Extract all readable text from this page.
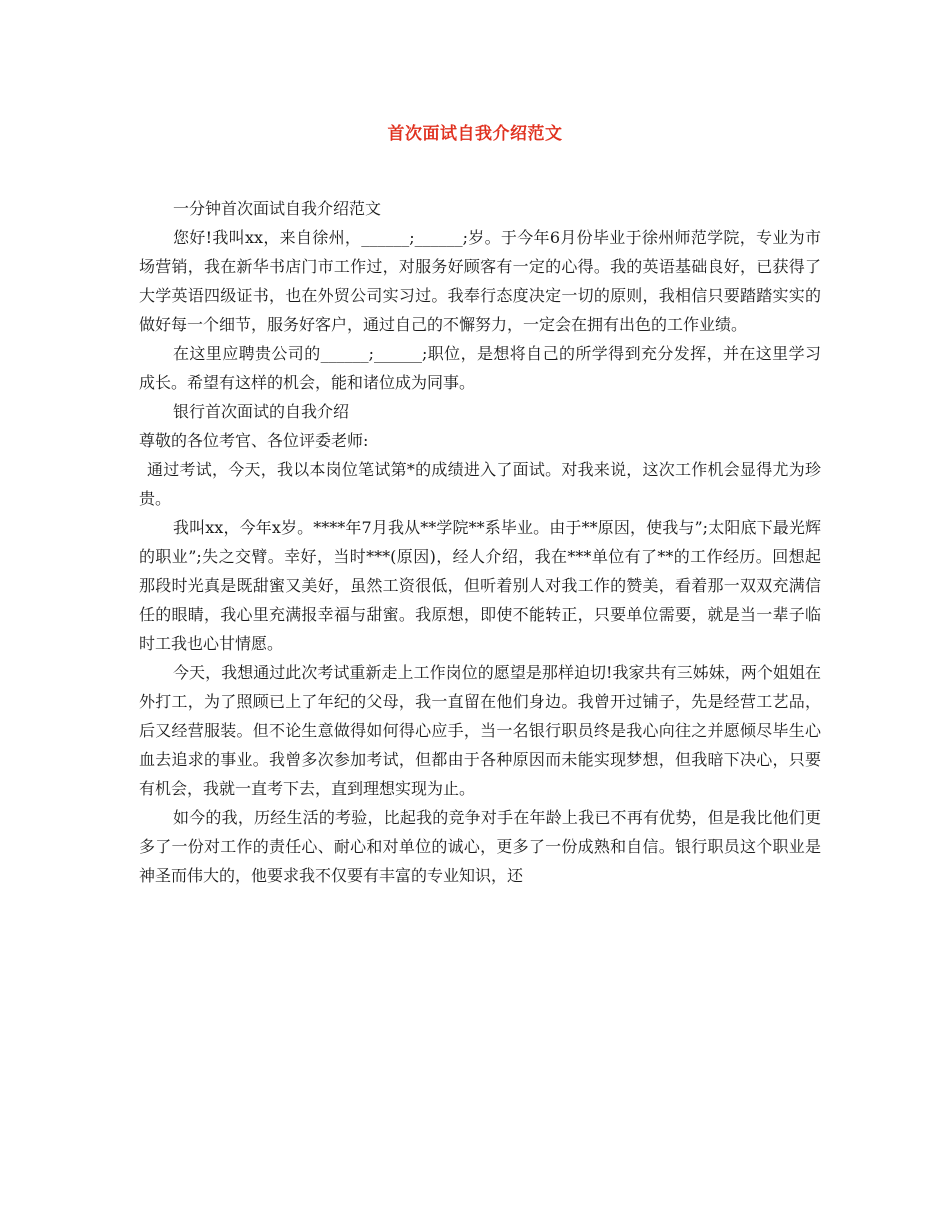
首次面试自我介绍范文

一分钟首次面试自我介绍范文

您好!我叫xx，来自徐州，______;______;岁。于今年6月份毕业于徐州师范学院，专业为市场营销，我在新华书店门市工作过，对服务好顾客有一定的心得。我的英语基础良好，已获得了大学英语四级证书，也在外贸公司实习过。我奉行态度决定一切的原则，我相信只要踏踏实实的做好每一个细节，服务好客户，通过自己的不懈努力，一定会在拥有出色的工作业绩。

在这里应聘贵公司的______;______;职位，是想将自己的所学得到充分发挥，并在这里学习成长。希望有这样的机会，能和诸位成为同事。

银行首次面试的自我介绍

尊敬的各位考官、各位评委老师:

通过考试，今天，我以本岗位笔试第*的成绩进入了面试。对我来说，这次工作机会显得尤为珍贵。

我叫xx，今年x岁。****年7月我从**学院**系毕业。由于**原因，使我与”;太阳底下最光辉的职业”;失之交臂。幸好，当时***(原因)，经人介绍，我在***单位有了**的工作经历。回想起那段时光真是既甜蜜又美好，虽然工资很低，但听着别人对我工作的赞美，看着那一双双充满信任的眼睛，我心里充满报幸福与甜蜜。我原想，即使不能转正，只要单位需要，就是当一辈子临时工我也心甘情愿。

今天，我想通过此次考试重新走上工作岗位的愿望是那样迫切!我家共有三姊妹，两个姐姐在外打工，为了照顾已上了年纪的父母，我一直留在他们身边。我曾开过铺子，先是经营工艺品，后又经营服装。但不论生意做得如何得心应手，当一名银行职员终是我心向往之并愿倾尽毕生心血去追求的事业。我曾多次参加考试，但都由于各种原因而未能实现梦想，但我暗下决心，只要有机会，我就一直考下去，直到理想实现为止。

如今的我，历经生活的考验，比起我的竞争对手在年龄上我已不再有优势，但是我比他们更多了一份对工作的责任心、耐心和对单位的诚心，更多了一份成熟和自信。银行职员这个职业是神圣而伟大的，他要求我不仅要有丰富的专业知识，还
